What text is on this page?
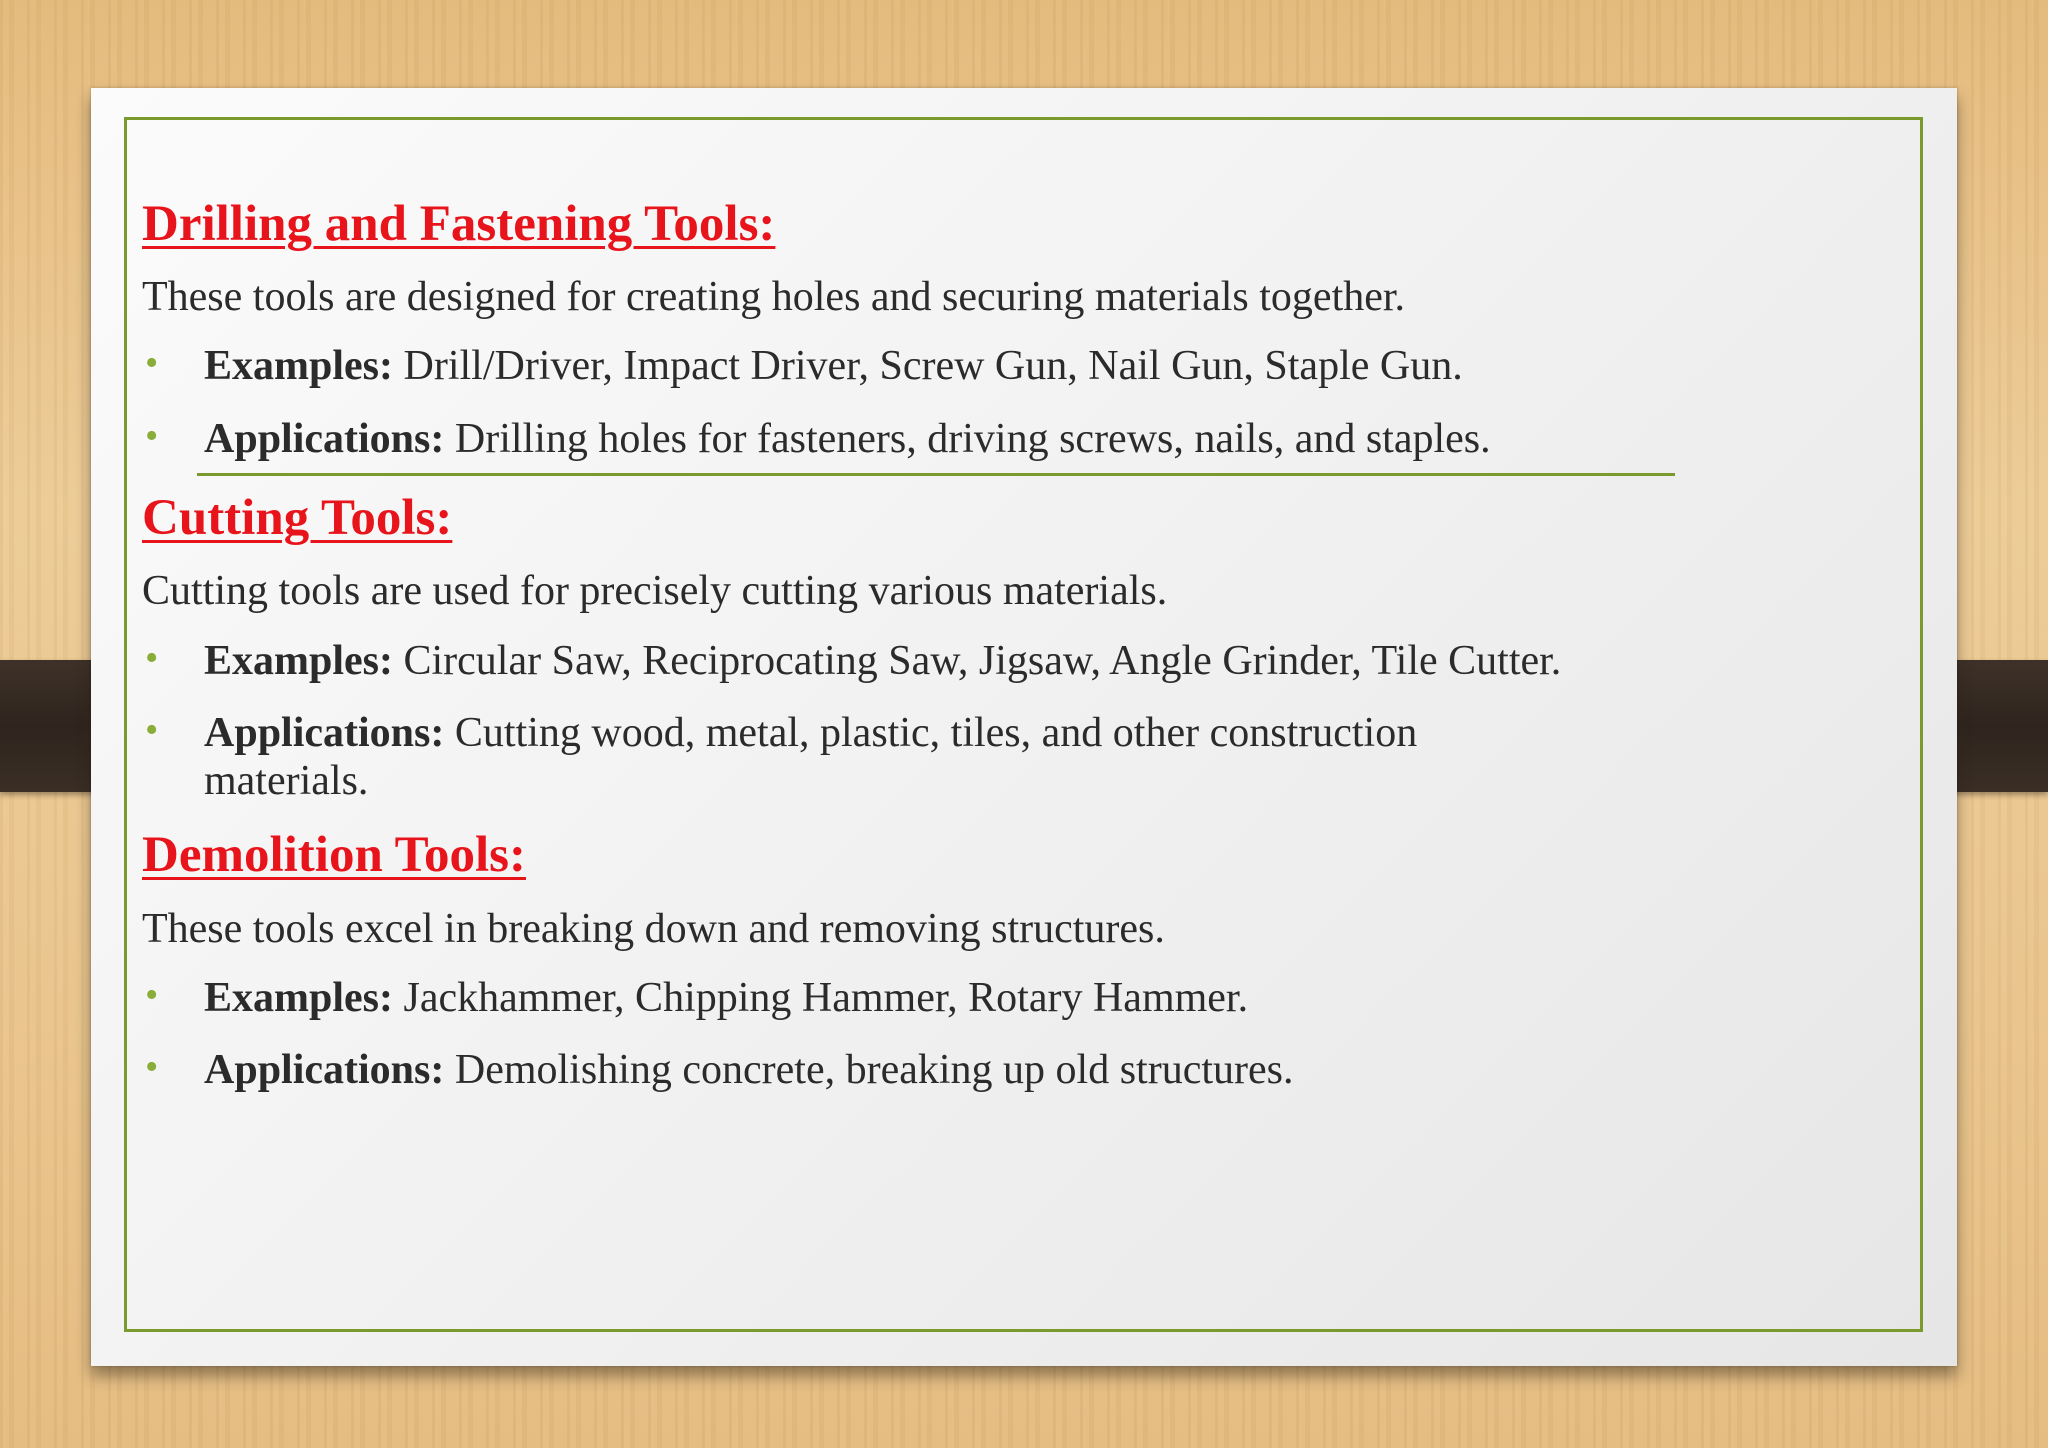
Drilling and Fastening Tools:

These tools are designed for creating holes and securing materials together.

• Examples: Drill/Driver, Impact Driver, Screw Gun, Nail Gun, Staple Gun.
• Applications: Drilling holes for fasteners, driving screws, nails, and staples.
Cutting Tools:

Cutting tools are used for precisely cutting various materials.

• Examples: Circular Saw, Reciprocating Saw, Jigsaw, Angle Grinder, Tile Cutter.
• Applications: Cutting wood, metal, plastic, tiles, and other construction materials.
Demolition Tools:

These tools excel in breaking down and removing structures.

• Examples: Jackhammer, Chipping Hammer, Rotary Hammer.
• Applications: Demolishing concrete, breaking up old structures.
